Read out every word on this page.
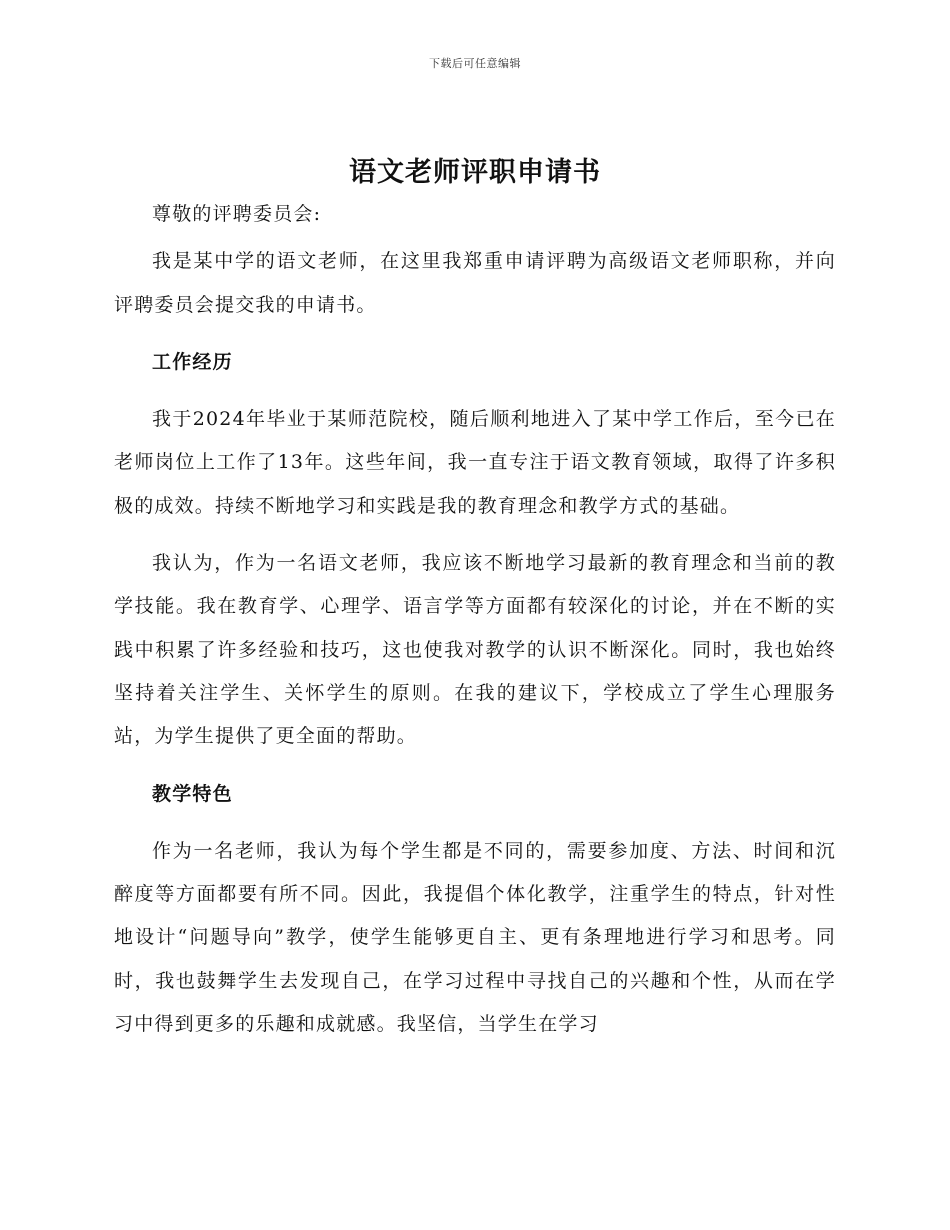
下载后可任意编辑
语文老师评职申请书

尊敬的评聘委员会:

我是某中学的语文老师，在这里我郑重申请评聘为高级语文老师职称，并向评聘委员会提交我的申请书。

工作经历

我于2024年毕业于某师范院校，随后顺利地进入了某中学工作后，至今已在老师岗位上工作了13年。这些年间，我一直专注于语文教育领域，取得了许多积极的成效。持续不断地学习和实践是我的教育理念和教学方式的基础。

我认为，作为一名语文老师，我应该不断地学习最新的教育理念和当前的教学技能。我在教育学、心理学、语言学等方面都有较深化的讨论，并在不断的实践中积累了许多经验和技巧，这也使我对教学的认识不断深化。同时，我也始终坚持着关注学生、关怀学生的原则。在我的建议下，学校成立了学生心理服务站，为学生提供了更全面的帮助。

教学特色

作为一名老师，我认为每个学生都是不同的，需要参加度、方法、时间和沉醉度等方面都要有所不同。因此，我提倡个体化教学，注重学生的特点，针对性地设计“问题导向”教学，使学生能够更自主、更有条理地进行学习和思考。同时，我也鼓舞学生去发现自己，在学习过程中寻找自己的兴趣和个性，从而在学习中得到更多的乐趣和成就感。我坚信，当学生在学习
